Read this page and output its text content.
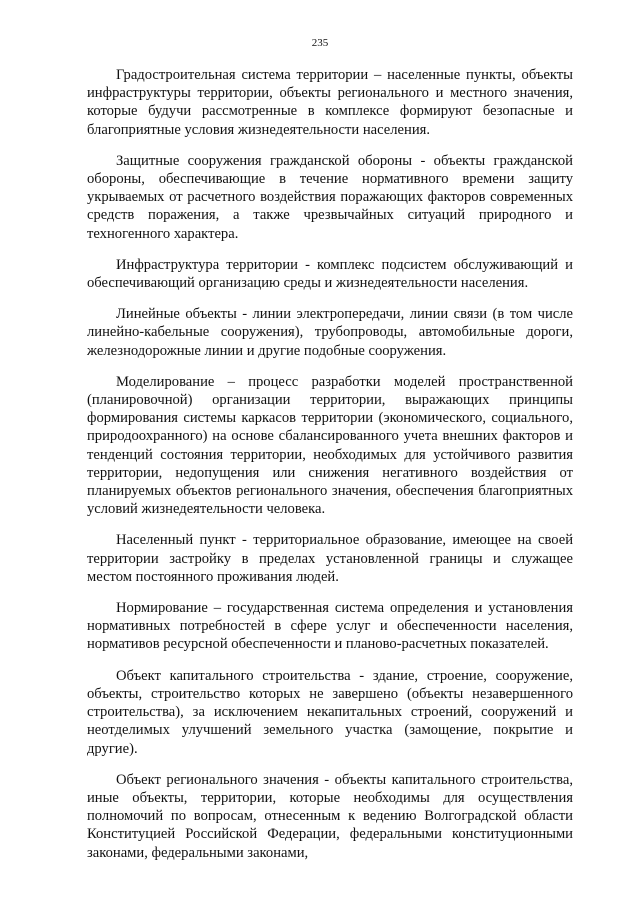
235

Градостроительная система территории – населенные пункты, объекты инфраструктуры территории, объекты регионального и местного значения, которые будучи рассмотренные в комплексе формируют безопасные и благоприятные условия жизнедеятельности населения.

Защитные сооружения гражданской обороны - объекты гражданской обороны, обеспечивающие в течение нормативного времени защиту укрываемых от расчетного воздействия поражающих факторов современных средств поражения, а также чрезвычайных ситуаций природного и техногенного характера.

Инфраструктура территории - комплекс подсистем обслуживающий и обеспечивающий организацию среды и жизнедеятельности населения.

Линейные объекты - линии электропередачи, линии связи (в том числе линейно-кабельные сооружения), трубопроводы, автомобильные дороги, железнодорожные линии и другие подобные сооружения.

Моделирование – процесс разработки моделей пространственной (планировочной) организации территории, выражающих принципы формирования системы каркасов территории (экономического, социального, природоохранного) на основе сбалансированного учета внешних факторов и тенденций состояния территории, необходимых для устойчивого развития территории, недопущения или снижения негативного воздействия от планируемых объектов регионального значения, обеспечения благоприятных условий жизнедеятельности человека.

Населенный пункт - территориальное образование, имеющее на своей территории застройку в пределах установленной границы и служащее местом постоянного проживания людей.

Нормирование – государственная система определения и установления нормативных потребностей в сфере услуг и обеспеченности населения, нормативов ресурсной обеспеченности и планово-расчетных показателей.

Объект капитального строительства - здание, строение, сооружение, объекты, строительство которых не завершено (объекты незавершенного строительства), за исключением некапитальных строений, сооружений и неотделимых улучшений земельного участка (замощение, покрытие и другие).

Объект регионального значения - объекты капитального строительства, иные объекты, территории, которые необходимы для осуществления полномочий по вопросам, отнесенным к ведению Волгоградской области Конституцией Российской Федерации, федеральными конституционными законами, федеральными законами,
